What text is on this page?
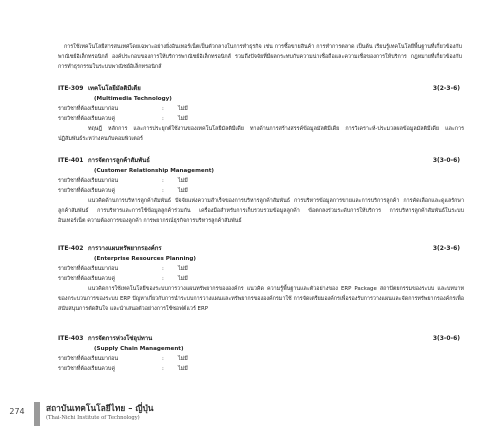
การใช้เทคโนโลยีสารสนเทศโดยเฉพาะอย่างยิ่งอินเทอร์เน็ตเป็นตัวกลางในการทำธุรกิจ เช่น การซื้อขายสินค้า การทำการตลาด เป็นต้น เรียนรู้เทคโนโลยีพื้นฐานที่เกี่ยวข้องกับพาณิชย์อิเล็กทรอนิกส์ องค์ประกอบของการให้บริการพาณิชย์อิเล็กทรอนิกส์ รวมถึงปัจจัยที่มีผลกระทบกับความน่าเชื่อถือและความเชื่อของการให้บริการ กฎหมายที่เกี่ยวข้องกับการทำธุรกรรมในระบบพาณิชย์อิเล็กทรอนิกส์

ITE-309 เทคโนโลยีมัลติมีเดีย	3(2-3-6)
(Multimedia Technology)
รายวิชาที่ต้องเรียนมาก่อน	:	ไม่มี
รายวิชาที่ต้องเรียนควบคู่	:	ไม่มี

ทฤษฎี หลักการ และการประยุกต์ใช้งานของเทคโนโลยีมัลติมีเดีย ทางด้านการสร้างสรรค์ข้อมูลมัลติมีเดีย การวิเคราะห์-ประมวลผลข้อมูลมัลติมีเดีย และการปฏิสัมพันธ์ระหว่างคนกับคอมพิวเตอร์

ITE-401 การจัดการลูกค้าสัมพันธ์	3(3-0-6)
(Customer Relationship Management)
รายวิชาที่ต้องเรียนมาก่อน	:	ไม่มี
รายวิชาที่ต้องเรียนควบคู่	:	ไม่มี

แนวคิดด้านการบริหารลูกค้าสัมพันธ์ ปัจจัยแห่งความสำเร็จของการบริหารลูกค้าสัมพันธ์ การบริหารข้อมูลการขายและการบริการลูกค้า การคัดเลือกและดูแลรักษาลูกค้าสัมพันธ์ การบริหารและการใช้ข้อมูลลูกค้าร่วมกัน เครื่องมือสำหรับการเก็บรวบรวมข้อมูลลูกค้า ข้อตกลงร่วมระดับการให้บริการ การบริหารลูกค้าสัมพันธ์ในระบบอินเทอร์เน็ต ความต้องการของลูกค้า การพยากรณ์ธุรกิจการบริหารลูกค้าสัมพันธ์

ITE-402 การวางแผนทรัพยากรองค์กร	3(2-3-6)
(Enterprise Resources Planning)
รายวิชาที่ต้องเรียนมาก่อน	:	ไม่มี
รายวิชาที่ต้องเรียนควบคู่	:	ไม่มี

แนวคิดการใช้เทคโนโลยีของระบบการวางแผนทรัพยากรขององค์กร แนวคิด ความรู้พื้นฐานและตัวอย่างของ ERP Package สถาปัตยกรรมของระบบ และบทบาทของกระบวนการของระบบ ERP ปัญหาเกี่ยวกับการนำระบบการวางแผนและทรัพยากรขององค์กรมาใช้ การจัดเตรียมองค์กรเพื่อรองรับการวางแผนและจัดการทรัพยากรองค์กรเพื่อสนับสนุนการตัดสินใจ และนำเสนอตัวอย่างการใช้ซอฟต์แวร์ ERP

ITE-403 การจัดการห่วงโซ่อุปทาน	3(3-0-6)
(Supply Chain Management)
รายวิชาที่ต้องเรียนมาก่อน	:	ไม่มี
รายวิชาที่ต้องเรียนควบคู่	:	ไม่มี
274	สถาบันเทคโนโลยีไทย – ญี่ปุ่น
(Thai-Nichi Institute of Technology)
